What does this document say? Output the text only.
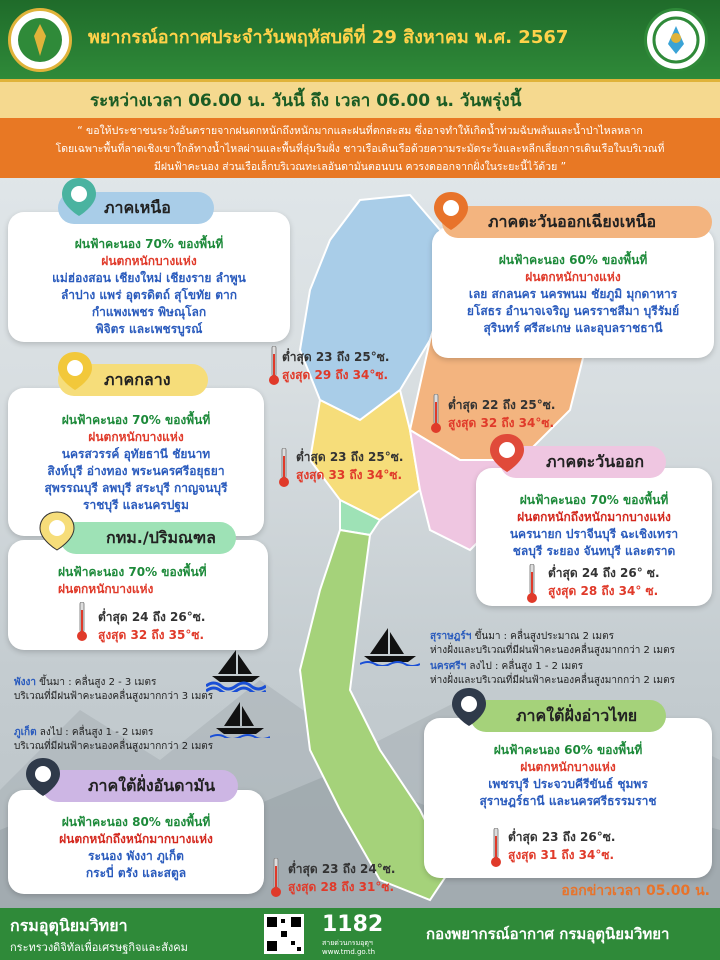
พยากรณ์อากาศประจำวันพฤหัสบดีที่ 29 สิงหาคม พ.ศ. 2567
ระหว่างเวลา 06.00 น. วันนี้ ถึง เวลา 06.00 น. วันพรุ่งนี้
“ ขอให้ประชาชนระวังอันตรายจากฝนตกหนักถึงหนักมากและฝนที่ตกสะสม ซึ่งอาจทำให้เกิดน้ำท่วมฉับพลันและน้ำป่าไหลหลาก
โดยเฉพาะพื้นที่ลาดเชิงเขาใกล้ทางน้ำไหลผ่านและพื้นที่ลุ่มริมฝั่ง ชาวเรือเดินเรือด้วยความระมัดระวังและหลีกเลี่ยงการเดินเรือในบริเวณที่
มีฝนฟ้าคะนอง ส่วนเรือเล็กบริเวณทะเลอันดามันตอนบน ควรงดออกจากฝั่งในระยะนี้ไว้ด้วย ”
ฝนฟ้าคะนอง 70% ของพื้นที่
ฝนตกหนักบางแห่ง
แม่ฮ่องสอน เชียงใหม่ เชียงราย ลำพูน
ลำปาง แพร่ อุตรดิตถ์ สุโขทัย ตาก
กำแพงเพชร พิษณุโลก
พิจิตร และเพชรบูรณ์
ภาคเหนือ
ต่ำสุด 23 ถึง 25°ซ.
สูงสุด 29 ถึง 34°ซ.
ฝนฟ้าคะนอง 60% ของพื้นที่
ฝนตกหนักบางแห่ง
เลย สกลนคร นครพนม ชัยภูมิ มุกดาหาร
ยโสธร อำนาจเจริญ นครราชสีมา บุรีรัมย์
สุรินทร์ ศรีสะเกษ และอุบลราชธานี
ภาคตะวันออกเฉียงเหนือ
ต่ำสุด 22 ถึง 25°ซ.
สูงสุด 32 ถึง 34°ซ.
ฝนฟ้าคะนอง 70% ของพื้นที่
ฝนตกหนักบางแห่ง
นครสวรรค์ อุทัยธานี ชัยนาท
สิงห์บุรี อ่างทอง พระนครศรีอยุธยา
สุพรรณบุรี ลพบุรี สระบุรี กาญจนบุรี
ราชบุรี และนครปฐม
ภาคกลาง
ต่ำสุด 23 ถึง 25°ซ.
สูงสุด 33 ถึง 34°ซ.
ฝนฟ้าคะนอง 70% ของพื้นที่
ฝนตกหนักถึงหนักมากบางแห่ง
นครนายก ปราจีนบุรี ฉะเชิงเทรา
ชลบุรี ระยอง จันทบุรี และตราด
ต่ำสุด 24 ถึง 26° ซ.
สูงสุด 28 ถึง 34° ซ.
ภาคตะวันออก
ฝนฟ้าคะนอง 70% ของพื้นที่
ฝนตกหนักบางแห่ง
ต่ำสุด 24 ถึง 26°ซ.
สูงสุด 32 ถึง 35°ซ.
กทม./ปริมณฑล
สุราษฎร์ฯ ขึ้นมา : คลื่นสูงประมาณ 2 เมตร
ห่างฝั่งและบริเวณที่มีฝนฟ้าคะนองคลื่นสูงมากกว่า 2 เมตร
นครศรีฯ ลงไป : คลื่นสูง 1 - 2 เมตร
ห่างฝั่งและบริเวณที่มีฝนฟ้าคะนองคลื่นสูงมากกว่า 2 เมตร
พังงา ขึ้นมา : คลื่นสูง 2 - 3 เมตร
บริเวณที่มีฝนฟ้าคะนองคลื่นสูงมากกว่า 3 เมตร
ภูเก็ต ลงไป : คลื่นสูง 1 - 2 เมตร
บริเวณที่มีฝนฟ้าคะนองคลื่นสูงมากกว่า 2 เมตร	ฝนฟ้าคะนอง 60% ของพื้นที่
ฝนตกหนักบางแห่ง
เพชรบุรี ประจวบคีรีขันธ์ ชุมพร
สุราษฎร์ธานี และนครศรีธรรมราช
ต่ำสุด 23 ถึง 26°ซ.
สูงสุด 31 ถึง 34°ซ.
ภาคใต้ฝั่งอ่าวไทย
ฝนฟ้าคะนอง 80% ของพื้นที่
ฝนตกหนักถึงหนักมากบางแห่ง
ระนอง พังงา ภูเก็ต
กระบี่ ตรัง และสตูล
ภาคใต้ฝั่งอันดามัน
ต่ำสุด 23 ถึง 24°ซ.
สูงสุด 28 ถึง 31°ซ.	ออกข่าวเวลา 05.00 น.
กรมอุตุนิยมวิทยา
กระทรวงดิจิทัลเพื่อเศรษฐกิจและสังคม
1182
สายด่วนกรมอุตุฯ
www.tmd.go.th
กองพยากรณ์อากาศ กรมอุตุนิยมวิทยา
